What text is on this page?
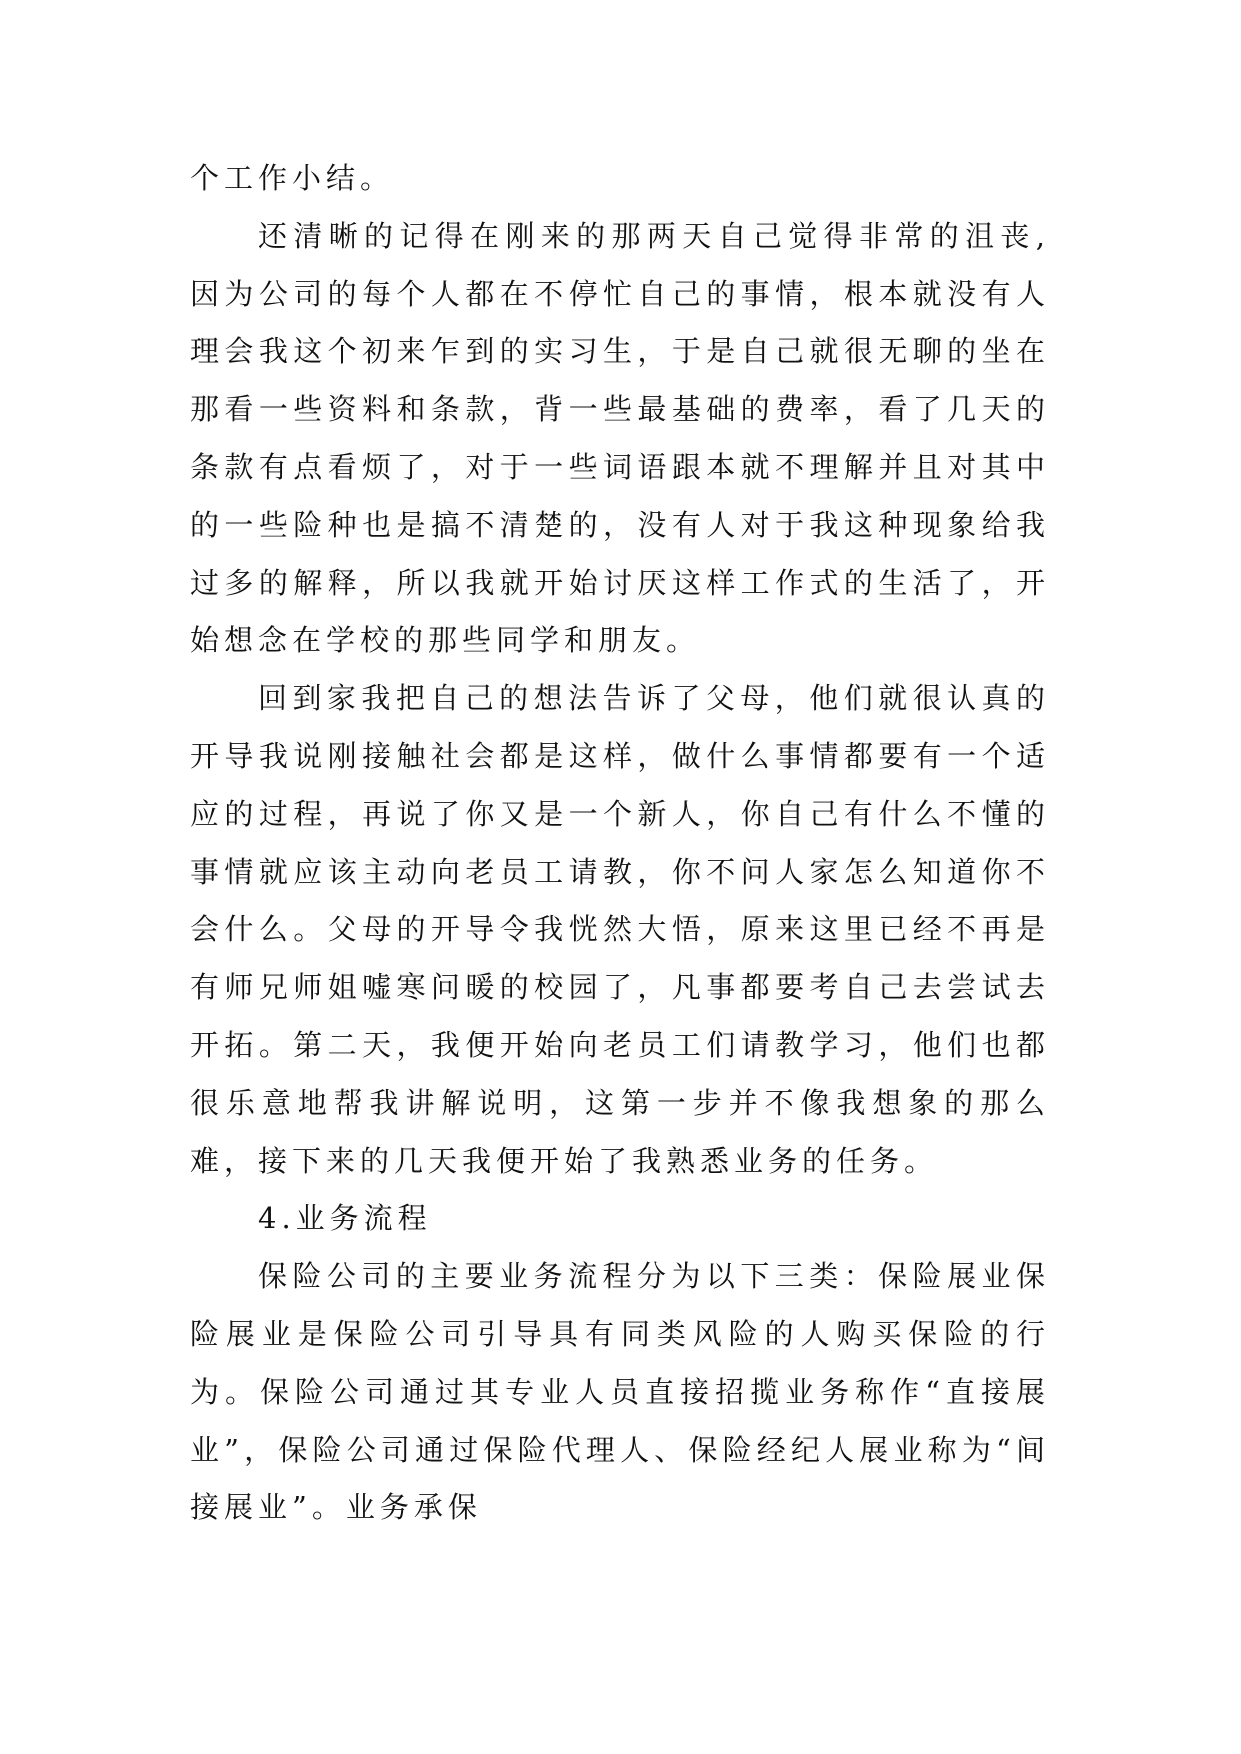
个工作小结。

还清晰的记得在刚来的那两天自己觉得非常的沮丧,因为公司的每个人都在不停忙自己的事情，根本就没有人理会我这个初来乍到的实习生，于是自己就很无聊的坐在那看一些资料和条款，背一些最基础的费率，看了几天的条款有点看烦了，对于一些词语跟本就不理解并且对其中的一些险种也是搞不清楚的，没有人对于我这种现象给我过多的解释，所以我就开始讨厌这样工作式的生活了，开始想念在学校的那些同学和朋友。

回到家我把自己的想法告诉了父母，他们就很认真的开导我说刚接触社会都是这样，做什么事情都要有一个适应的过程，再说了你又是一个新人，你自己有什么不懂的事情就应该主动向老员工请教，你不问人家怎么知道你不会什么。父母的开导令我恍然大悟，原来这里已经不再是有师兄师姐嘘寒问暖的校园了，凡事都要考自己去尝试去开拓。第二天，我便开始向老员工们请教学习，他们也都很乐意地帮我讲解说明，这第一步并不像我想象的那么难，接下来的几天我便开始了我熟悉业务的任务。

4.业务流程

保险公司的主要业务流程分为以下三类：保险展业保险展业是保险公司引导具有同类风险的人购买保险的行为。保险公司通过其专业人员直接招揽业务称作“直接展业”，保险公司通过保险代理人、保险经纪人展业称为“间接展业”。业务承保
